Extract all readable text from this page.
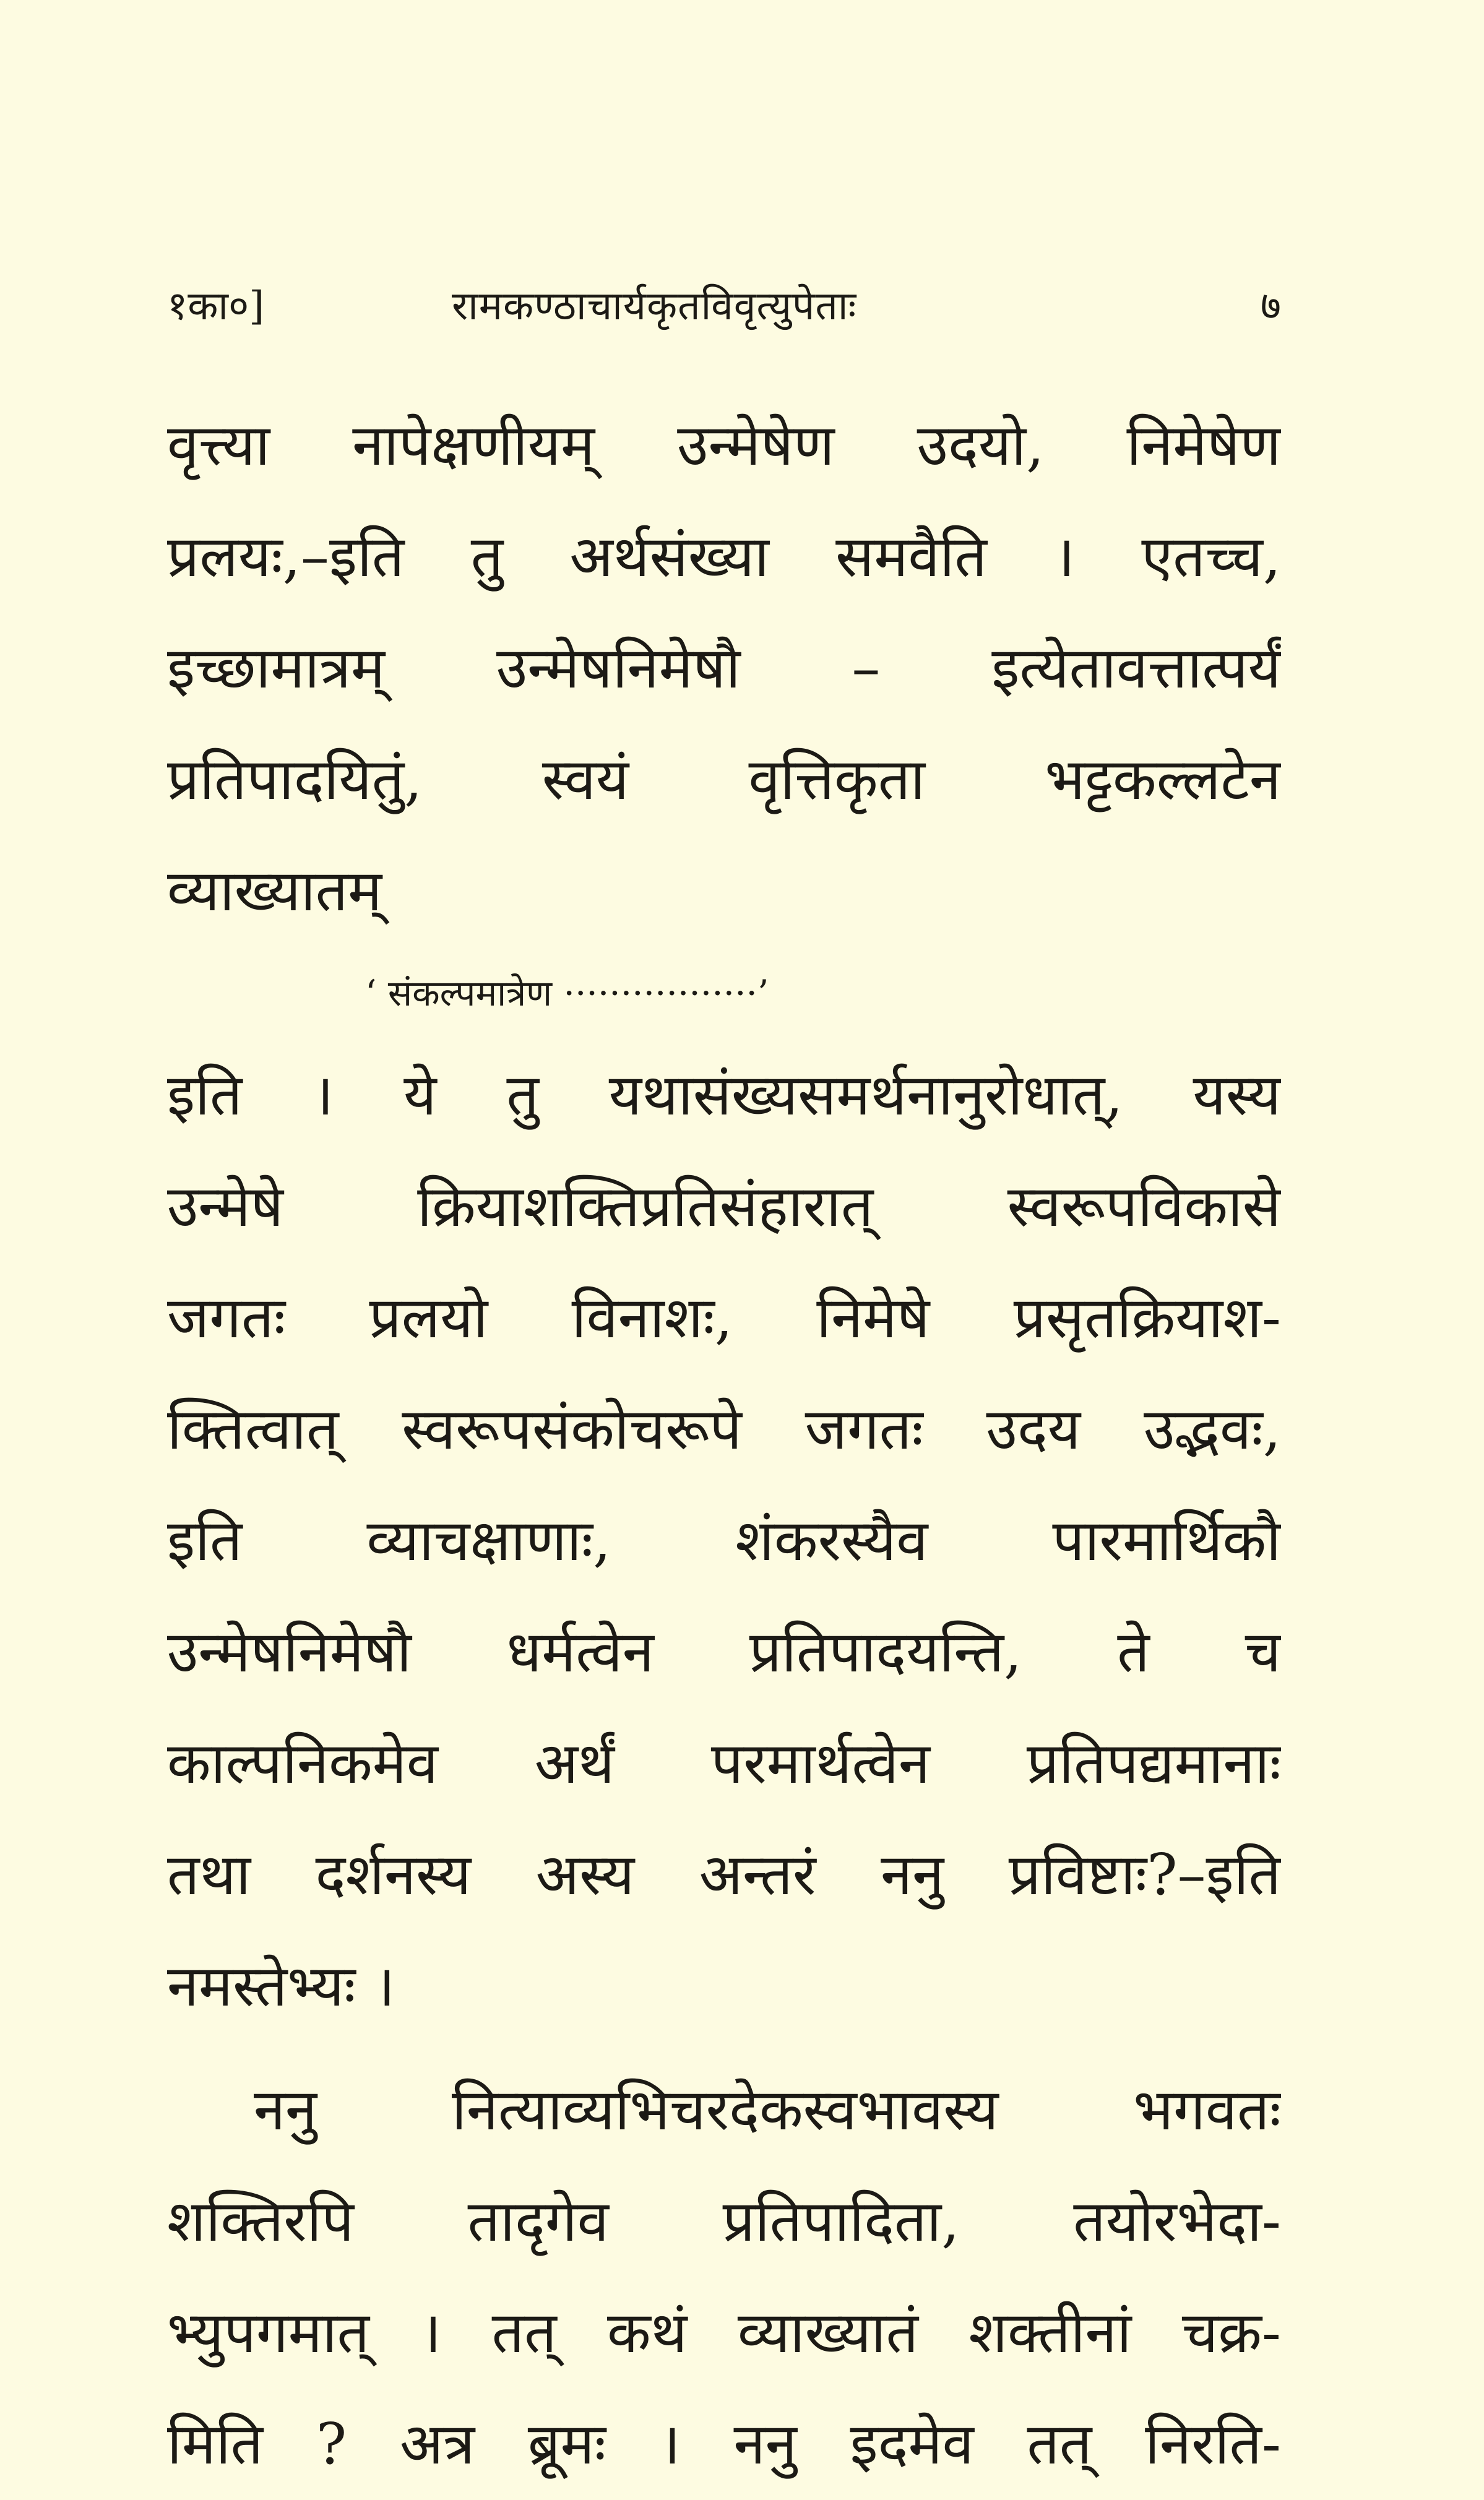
१का०]	रामकण्ठाचार्यकृतविवृत्युपेताः	७
वृत्त्या नापेक्षणीयम् उन्मेषेण उदयो, निमेषेण
प्रलयः,–इति तु अर्थसंख्या समवैति । एतच्च,
इच्छामात्रम् उन्मेषनिमेषौ – इत्येतावत्तात्पर्यं
प्रतिपादयितुं, स्वयं वृत्तिकृता भट्टकल्लटेन
व्याख्यातम्
‘ संकल्पमात्रेण ·················’
इति । ये तु यथासंख्यसमर्थनानुरोधात्, यस्य
उन्मेषे क्रियाशक्तिप्रतिसंहारात् स्वरूपविकासे
जगतः प्रलयो विनाशः, निमेषे प्रसृतक्रियाश-
क्तित्वात् स्वरूपसंकोचरूपे जगतः उदय उद्भवः,
इति व्याचक्षाणाः, शंकरस्यैव पारमार्थिकौ
उन्मेषनिमेषौ धर्मत्वेन प्रतिपादयन्ति, ते च
काल्पनिकमेव अर्थं परमार्थत्वेन प्रतिपद्यमानाः
तथा दर्शनस्य अस्य अन्तरं ननु प्रविष्टाः?–इति
नमस्तेभ्यः ।
ननु नित्याव्यभिचरदेकस्वभावस्य भगवतः
शक्तिरपि तादृगेव प्रतिपादिता, तयोरभेदा-
भ्युपगमात् । तत् कथं व्याख्यातं शक्तीनां चक्र-
मिति ? अत्र ब्रूमः । ननु इदमेव तत् निरति-
